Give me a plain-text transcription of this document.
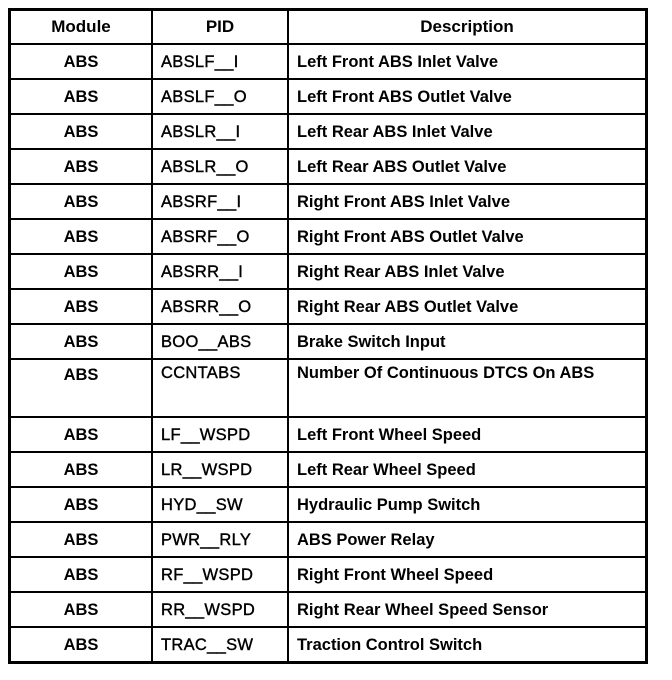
Module	PID	Description
ABS	ABSLF__I	Left Front ABS Inlet Valve
ABS	ABSLF__O	Left Front ABS Outlet Valve
ABS	ABSLR__I	Left Rear ABS Inlet Valve
ABS	ABSLR__O	Left Rear ABS Outlet Valve
ABS	ABSRF__I	Right Front ABS Inlet Valve
ABS	ABSRF__O	Right Front ABS Outlet Valve
ABS	ABSRR__I	Right Rear ABS Inlet Valve
ABS	ABSRR__O	Right Rear ABS Outlet Valve
ABS	BOO__ABS	Brake Switch Input
ABS	CCNTABS	Number Of Continuous DTCS On ABS
ABS	LF__WSPD	Left Front Wheel Speed
ABS	LR__WSPD	Left Rear Wheel Speed
ABS	HYD__SW	Hydraulic Pump Switch
ABS	PWR__RLY	ABS Power Relay
ABS	RF__WSPD	Right Front Wheel Speed
ABS	RR__WSPD	Right Rear Wheel Speed Sensor
ABS	TRAC__SW	Traction Control Switch
